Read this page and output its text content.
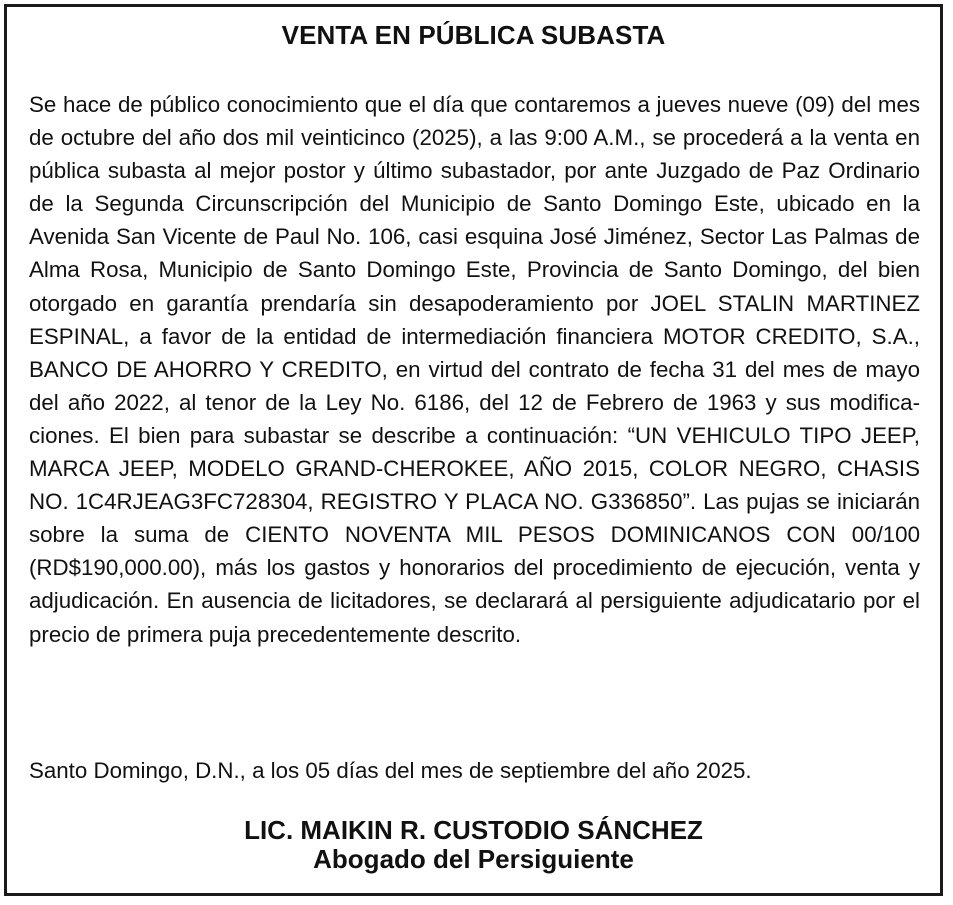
VENTA EN PÚBLICA SUBASTA

Se hace de público conocimiento que el día que contaremos a jueves nueve (09) del mes de octubre del año dos mil veinticinco (2025), a las 9:00 A.M., se procederá a la venta en pública subasta al mejor postor y último subastador, por ante Juzgado de Paz Ordinario de la Segunda Circunscripción del Municipio de Santo Domingo Este, ubicado en la Avenida San Vicente de Paul No. 106, casi esquina José Jiménez, Sector Las Palmas de Alma Rosa, Municipio de Santo Domingo Este, Provincia de Santo Domingo, del bien otorgado en garantía prendaría sin desapoderamiento por JOEL STALIN MARTINEZ ESPINAL, a favor de la entidad de intermediación financiera MOTOR CREDITO, S.A., BANCO DE AHORRO Y CREDITO, en virtud del contrato de fecha 31 del mes de mayo del año 2022, al tenor de la Ley No. 6186, del 12 de Febrero de 1963 y sus modificaciones. El bien para subastar se describe a continuación: “UN VEHICULO TIPO JEEP, MARCA JEEP, MODELO GRAND-CHEROKEE, AÑO 2015, COLOR NEGRO, CHASIS NO. 1C4RJEAG3FC728304, REGISTRO Y PLACA NO. G336850”. Las pujas se iniciarán sobre la suma de CIENTO NOVENTA MIL PESOS DOMINICANOS CON 00/100 (RD$190,000.00), más los gastos y honorarios del procedimiento de ejecución, venta y adjudicación. En ausencia de licitadores, se declarará al persiguiente adjudicatario por el precio de primera puja precedentemente descrito.

Santo Domingo, D.N., a los 05 días del mes de septiembre del año 2025.

LIC. MAIKIN R. CUSTODIO SÁNCHEZ
Abogado del Persiguiente
